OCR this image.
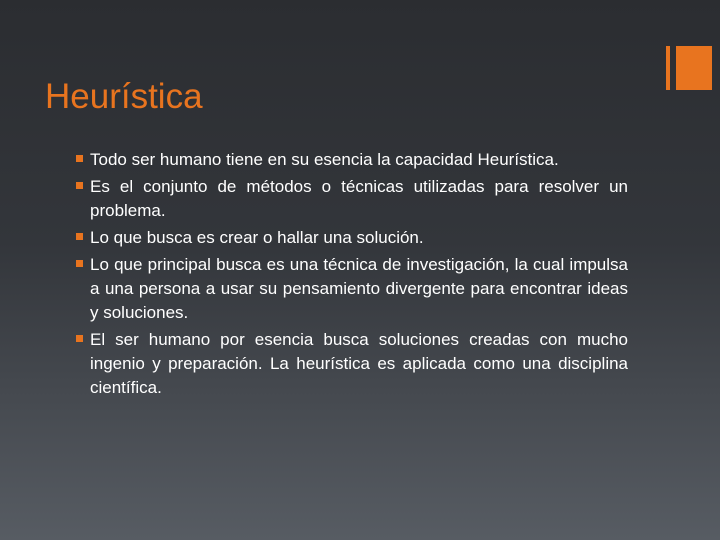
Heurística
Todo ser humano tiene en su esencia la capacidad Heurística.
Es el conjunto de métodos o técnicas utilizadas para resolver un problema.
Lo que busca es crear o hallar una solución.
Lo que principal busca es una técnica de investigación, la cual impulsa a una persona a usar su pensamiento divergente para encontrar ideas y soluciones.
El ser humano por esencia busca soluciones creadas con mucho ingenio y preparación. La heurística es aplicada como una disciplina científica.
